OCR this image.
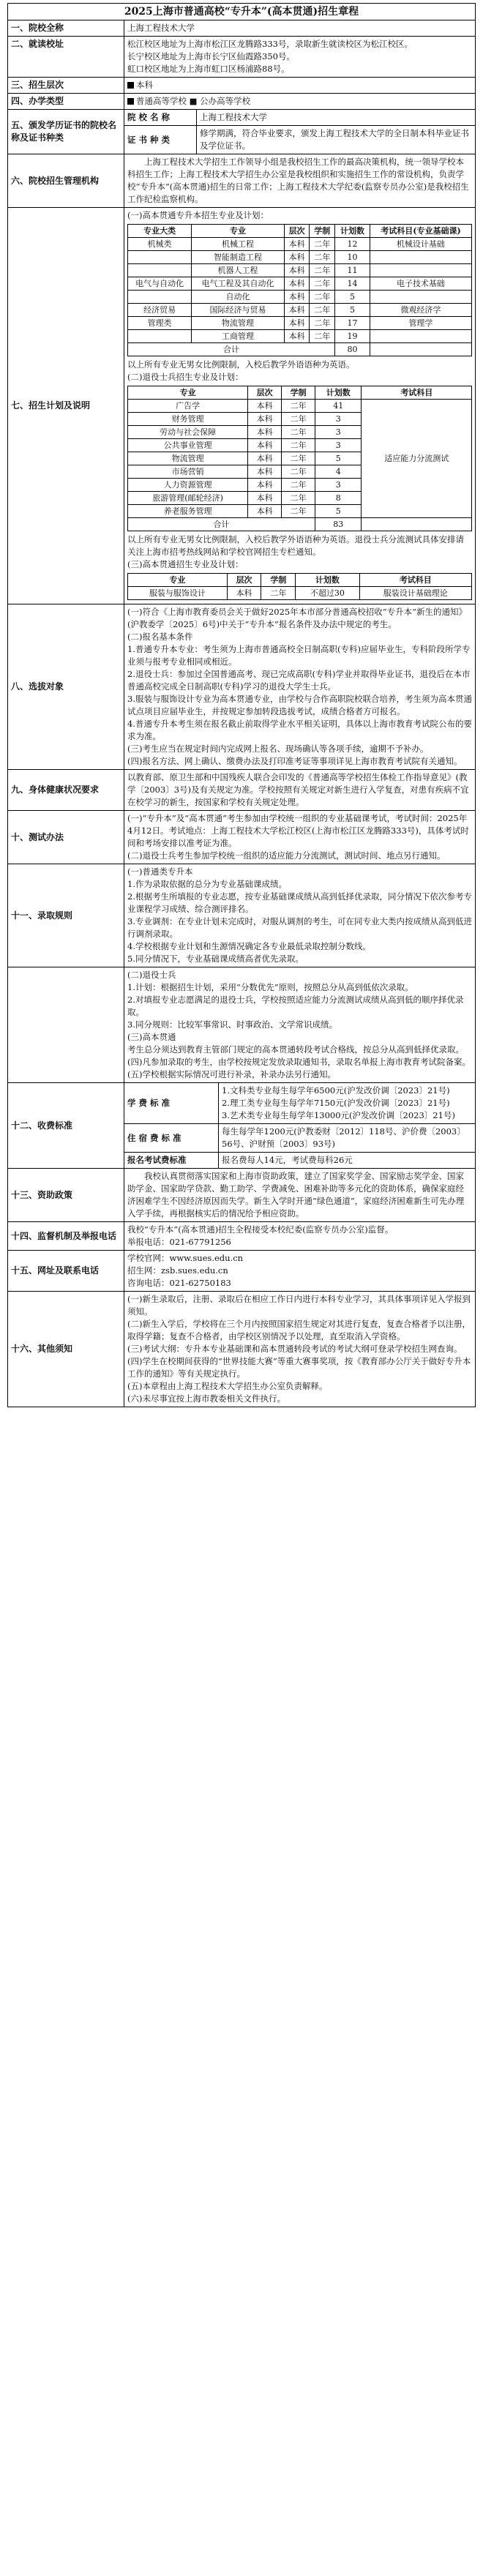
2025上海市普通高校“专升本”(高本贯通)招生章程
一、院校全称	上海工程技术大学
二、就读校址	松江校区地址为上海市松江区龙腾路333号，录取新生就读校区为松江校区。

长宁校区地址为上海市长宁区仙霞路350号。

虹口校区地址为上海市虹口区杨浦路88号。

三、招生层次	本科
四、办学类型	普通高等学校 ■ 公办高等学校
五、颁发学历证书的院校名称及证书种类	
院校名称	上海工程技术大学
证书种类
修学期满，符合毕业要求，颁发上海工程技术大学的全日制本科毕业证书及学位证书。

六、院校招生管理机构	

上海工程技术大学招生工作领导小组是我校招生工作的最高决策机构，统一领导学校本科招生工作；上海工程技术大学招生办公室是我校组织和实施招生工作的常设机构，负责学校“专升本”(高本贯通)招生的日常工作；上海工程技术大学纪委(监察专员办公室)是我校招生工作纪检监察机构。

七、招生计划及说明	

(一)高本贯通专升本招生专业及计划：

专业大类	专业	层次	学制	计划数	考试科目(专业基础课)
机械类	机械工程	本科	二年	12	机械设计基础
	智能制造工程	本科	二年	10	
	机器人工程	本科	二年	11	
电气与自动化	电气工程及其自动化	本科	二年	14	电子技术基础
	自动化	本科	二年	5	
经济贸易	国际经济与贸易	本科	二年	5	微观经济学
管理类	物流管理	本科	二年	17	管理学
	工商管理	本科	二年	19	
合计	80	

以上所有专业无男女比例限制，入校后教学外语语种为英语。

(二)退役士兵招生专业及计划：

专业	层次	学制	计划数	考试科目
广告学	本科	二年	41	适应能力分流测试
财务管理	本科	二年	3
劳动与社会保障	本科	二年	3
公共事业管理	本科	二年	3
物流管理	本科	二年	5
市场营销	本科	二年	4
人力资源管理	本科	二年	3
旅游管理(邮轮经济)	本科	二年	8
养老服务管理	本科	二年	5
合计	83	

以上所有专业无男女比例限制，入校后教学外语语种为英语。退役士兵分流测试具体安排请关注上海市招考热线网站和学校官网招生专栏通知。

(三)高本贯通招生专业及计划：

专业	层次	学制	计划数	考试科目
服装与服饰设计	本科	二年	不超过30	服装设计基础理论

八、选拔对象	

(一)符合《上海市教育委员会关于做好2025年本市部分普通高校招收“专升本”新生的通知》(沪教委学〔2025〕6号)中关于“专升本”报名条件及办法中规定的考生。

(二)报名基本条件

1.普通专升本专业：考生须为上海市普通高校全日制高职(专科)应届毕业生，专科阶段所学专业须与报考专业相同或相近。

2.退役士兵：参加过全国普通高考、现已完成高职(专科)学业并取得毕业证书，退役后在本市普通高校完成全日制高职(专科)学习的退役大学生士兵。

3.服装与服饰设计专业为高本贯通专业，由学校与合作高职院校联合培养，考生须为高本贯通试点项目应届毕业生，并按规定参加转段选拔考试，成绩合格者方可报名。

4.普通专升本考生须在报名截止前取得学业水平相关证明，具体以上海市教育考试院公布的要求为准。

(三)考生应当在规定时间内完成网上报名、现场确认等各项手续，逾期不予补办。

(四)报名方法、网上确认、缴费办法及打印准考证等事项详见上海市教育考试院有关通知。

九、身体健康状况要求	

以教育部、原卫生部和中国残疾人联合会印发的《普通高等学校招生体检工作指导意见》(教学〔2003〕3号)及有关规定为准。学校按照有关规定对新生进行入学复查，对患有疾病不宜在校学习的新生，按国家和学校有关规定处理。

十、测试办法	

(一)“专升本”及“高本贯通”考生参加由学校统一组织的专业基础课考试，考试时间：2025年4月12日。考试地点：上海工程技术大学松江校区(上海市松江区龙腾路333号)，具体考试时间和考场安排以准考证为准。

(二)退役士兵考生参加学校统一组织的适应能力分流测试，测试时间、地点另行通知。

十一、录取规则	

(一)普通类专升本

1.作为录取依据的总分为专业基础课成绩。

2.根据考生所填报的专业志愿，按专业基础课成绩从高到低择优录取，同分情况下依次参考专业课程学习成绩、综合测评排名。

3.专业调剂：在专业计划未完成时，对服从调剂的考生，可在同专业大类内按成绩从高到低进行调剂录取。

4.学校根据专业计划和生源情况确定各专业最低录取控制分数线。

5.同分情况下，专业基础课成绩高者优先录取。

(二)退役士兵

1.计划：根据招生计划，采用“分数优先”原则，按照总分从高到低依次录取。

2.对填报专业志愿满足的退役士兵，学校按照适应能力分流测试成绩从高到低的顺序择优录取。

3.同分规则：比较军事常识、时事政治、文学常识成绩。

(三)高本贯通

考生总分须达到教育主管部门规定的高本贯通转段考试合格线，按总分从高到低择优录取。

(四)凡参加录取的考生，由学校按规定发放录取通知书，录取名单报上海市教育考试院备案。

(五)学校根据实际情况可进行补录，补录办法另行通知。

十二、收费标准	
学费标准

1.文科类专业每生每学年6500元(沪发改价调〔2023〕21号)

2.理工类专业每生每学年7150元(沪发改价调〔2023〕21号)

3.艺术类专业每生每学年13000元(沪发改价调〔2023〕21号)

住宿费标准
每生每学年1200元(沪教委财〔2012〕118号、沪价费〔2003〕56号、沪财预〔2003〕93号)
报名考试费标准	报名费每人14元，考试费每科26元

十三、资助政策	

我校认真贯彻落实国家和上海市资助政策，建立了国家奖学金、国家励志奖学金、国家助学金、国家助学贷款、勤工助学、学费减免、困难补助等多元化的资助体系，确保家庭经济困难学生不因经济原因而失学。新生入学时开通“绿色通道”，家庭经济困难新生可先办理入学手续，再根据核实后的情况给予相应资助。

十四、监督机制及举报电话	

我校“专升本”(高本贯通)招生全程接受本校纪委(监察专员办公室)监督。

举报电话：021-67791256

十五、网址及联系电话	

学校官网：www.sues.edu.cn

招生网：zsb.sues.edu.cn

咨询电话：021-62750183

十六、其他须知	

(一)新生录取后，注册、录取后在相应工作日内进行本科专业学习，其具体事项详见入学报到须知。

(二)新生入学后，学校将在三个月内按照国家招生规定对其进行复查，复查合格者予以注册，取得学籍；复查不合格者，由学校区别情况予以处理，直至取消入学资格。

(三)考试大纲：专升本专业基础课和高本贯通转段考试的考试大纲可登录学校招生网查询。

(四)学生在校期间获得的“世界技能大赛”等重大赛事奖项，按《教育部办公厅关于做好专升本工作的通知》等有关规定执行。

(五)本章程由上海工程技术大学招生办公室负责解释。

(六)未尽事宜按上海市教委相关文件执行。
